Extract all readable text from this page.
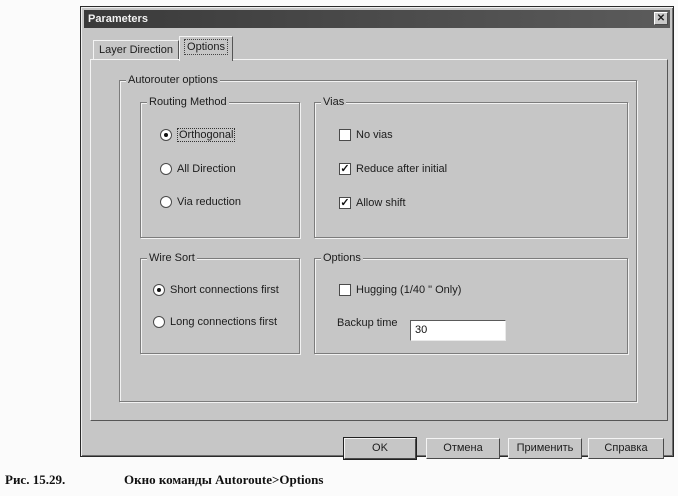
Parameters	✕
Layer Direction	Options
Autorouter options
Routing Method
Orthogonal
All Direction
Via reduction
Vias
No vias
✓ Reduce after initial
✓ Allow shift
Wire Sort
Short connections first
Long connections first
Options
Hugging (1/40 " Only)
Backup time
OK	Отмена	Применить	Справка
30
Рис. 15.29.	Окно команды Autoroute>Options
